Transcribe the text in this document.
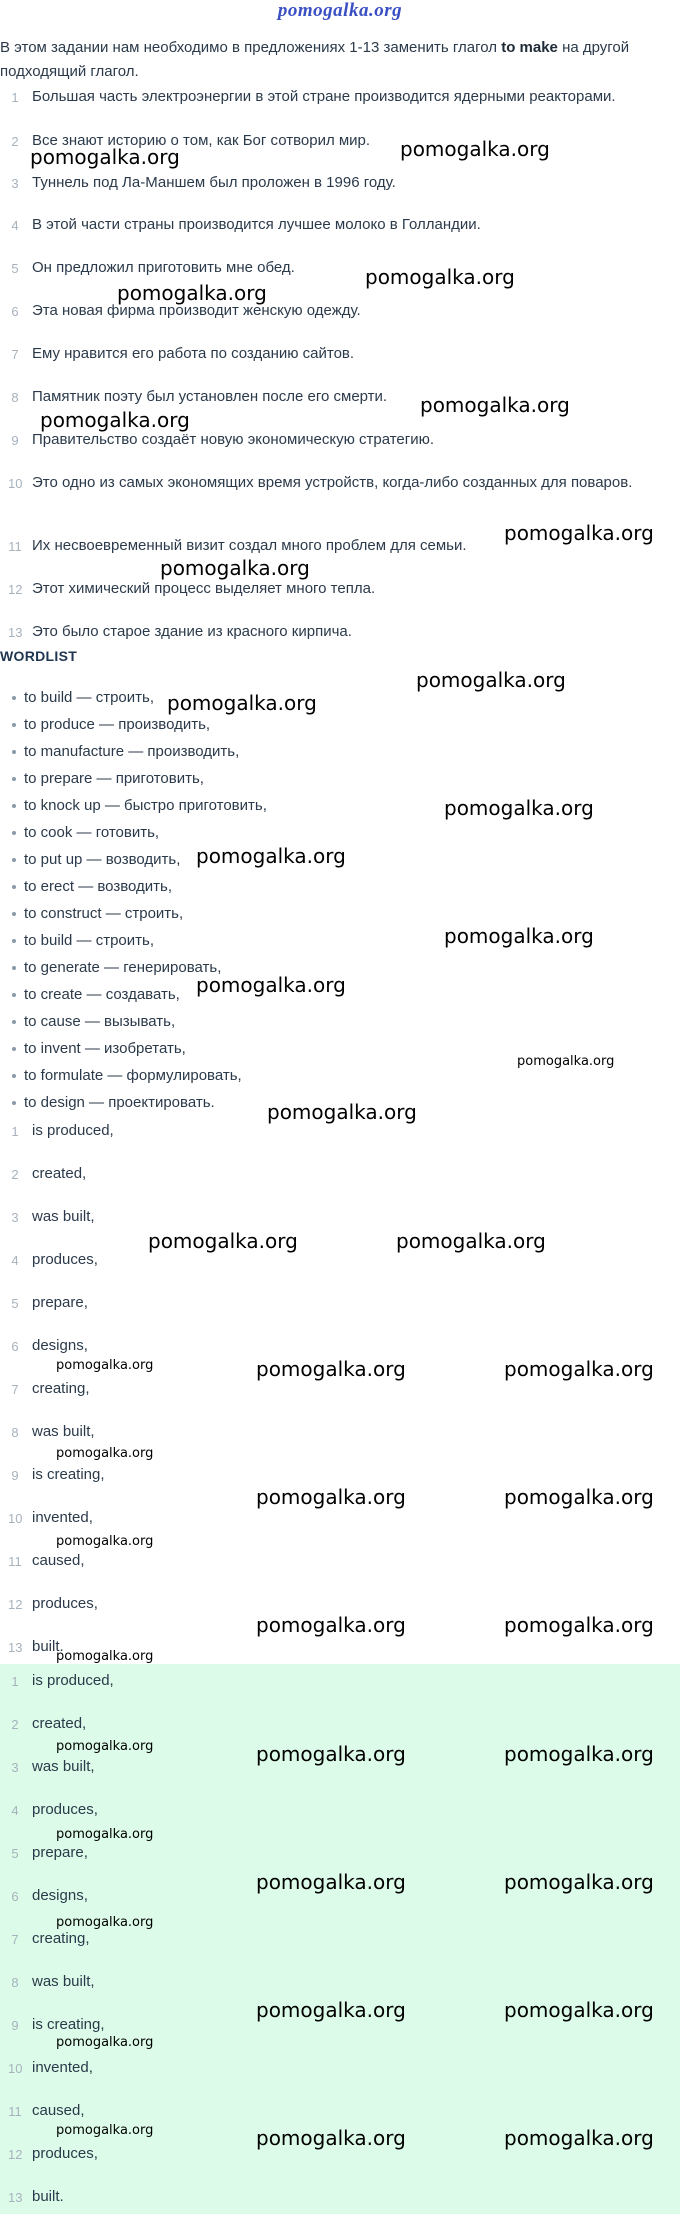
pomogalka.org

В этом задании нам необходимо в предложениях 1-13 заменить глагол to make на другой подходящий глагол.

1 Большая часть электроэнергии в этой стране производится ядерными реакторами.
2 Все знают историю о том, как Бог сотворил мир.
3 Туннель под Ла-Маншем был проложен в 1996 году.
4 В этой части страны производится лучшее молоко в Голландии.
5 Он предложил приготовить мне обед.
6 Эта новая фирма производит женскую одежду.
7 Ему нравится его работа по созданию сайтов.
8 Памятник поэту был установлен после его смерти.
9 Правительство создаёт новую экономическую стратегию.
10 Это одно из самых экономящих время устройств, когда-либо созданных для поваров.
11 Их несвоевременный визит создал много проблем для семьи.
12 Этот химический процесс выделяет много тепла.
13 Это было старое здание из красного кирпича.
WORDLIST
to build — строить,
to produce — производить,
to manufacture — производить,
to prepare — приготовить,
to knock up — быстро приготовить,
to cook — готовить,
to put up — возводить,
to erect — возводить,
to construct — строить,
to build — строить,
to generate — генерировать,
to create — создавать,
to cause — вызывать,
to invent — изобретать,
to formulate — формулировать,
to design — проектировать.
1 is produced,
2 created,
3 was built,
4 produces,
5 prepare,
6 designs,
7 creating,
8 was built,
9 is creating,
10 invented,
11 caused,
12 produces,
13 built.
1 is produced,
2 created,
3 was built,
4 produces,
5 prepare,
6 designs,
7 creating,
8 was built,
9 is creating,
10 invented,
11 caused,
12 produces,
13 built.
pomogalka.org	pomogalka.org
pomogalka.org
pomogalka.org
pomogalka.org
pomogalka.org
pomogalka.org
pomogalka.org
pomogalka.org
pomogalka.org
pomogalka.org
pomogalka.org
pomogalka.org
pomogalka.org
pomogalka.org
pomogalka.org
pomogalka.org	pomogalka.org
pomogalka.org	pomogalka.org	pomogalka.org
pomogalka.org
pomogalka.org	pomogalka.org
pomogalka.org
pomogalka.org	pomogalka.org
pomogalka.org
pomogalka.org	pomogalka.org	pomogalka.org
pomogalka.org
pomogalka.org	pomogalka.org
pomogalka.org
pomogalka.org	pomogalka.org
pomogalka.org
pomogalka.org	pomogalka.org	pomogalka.org
